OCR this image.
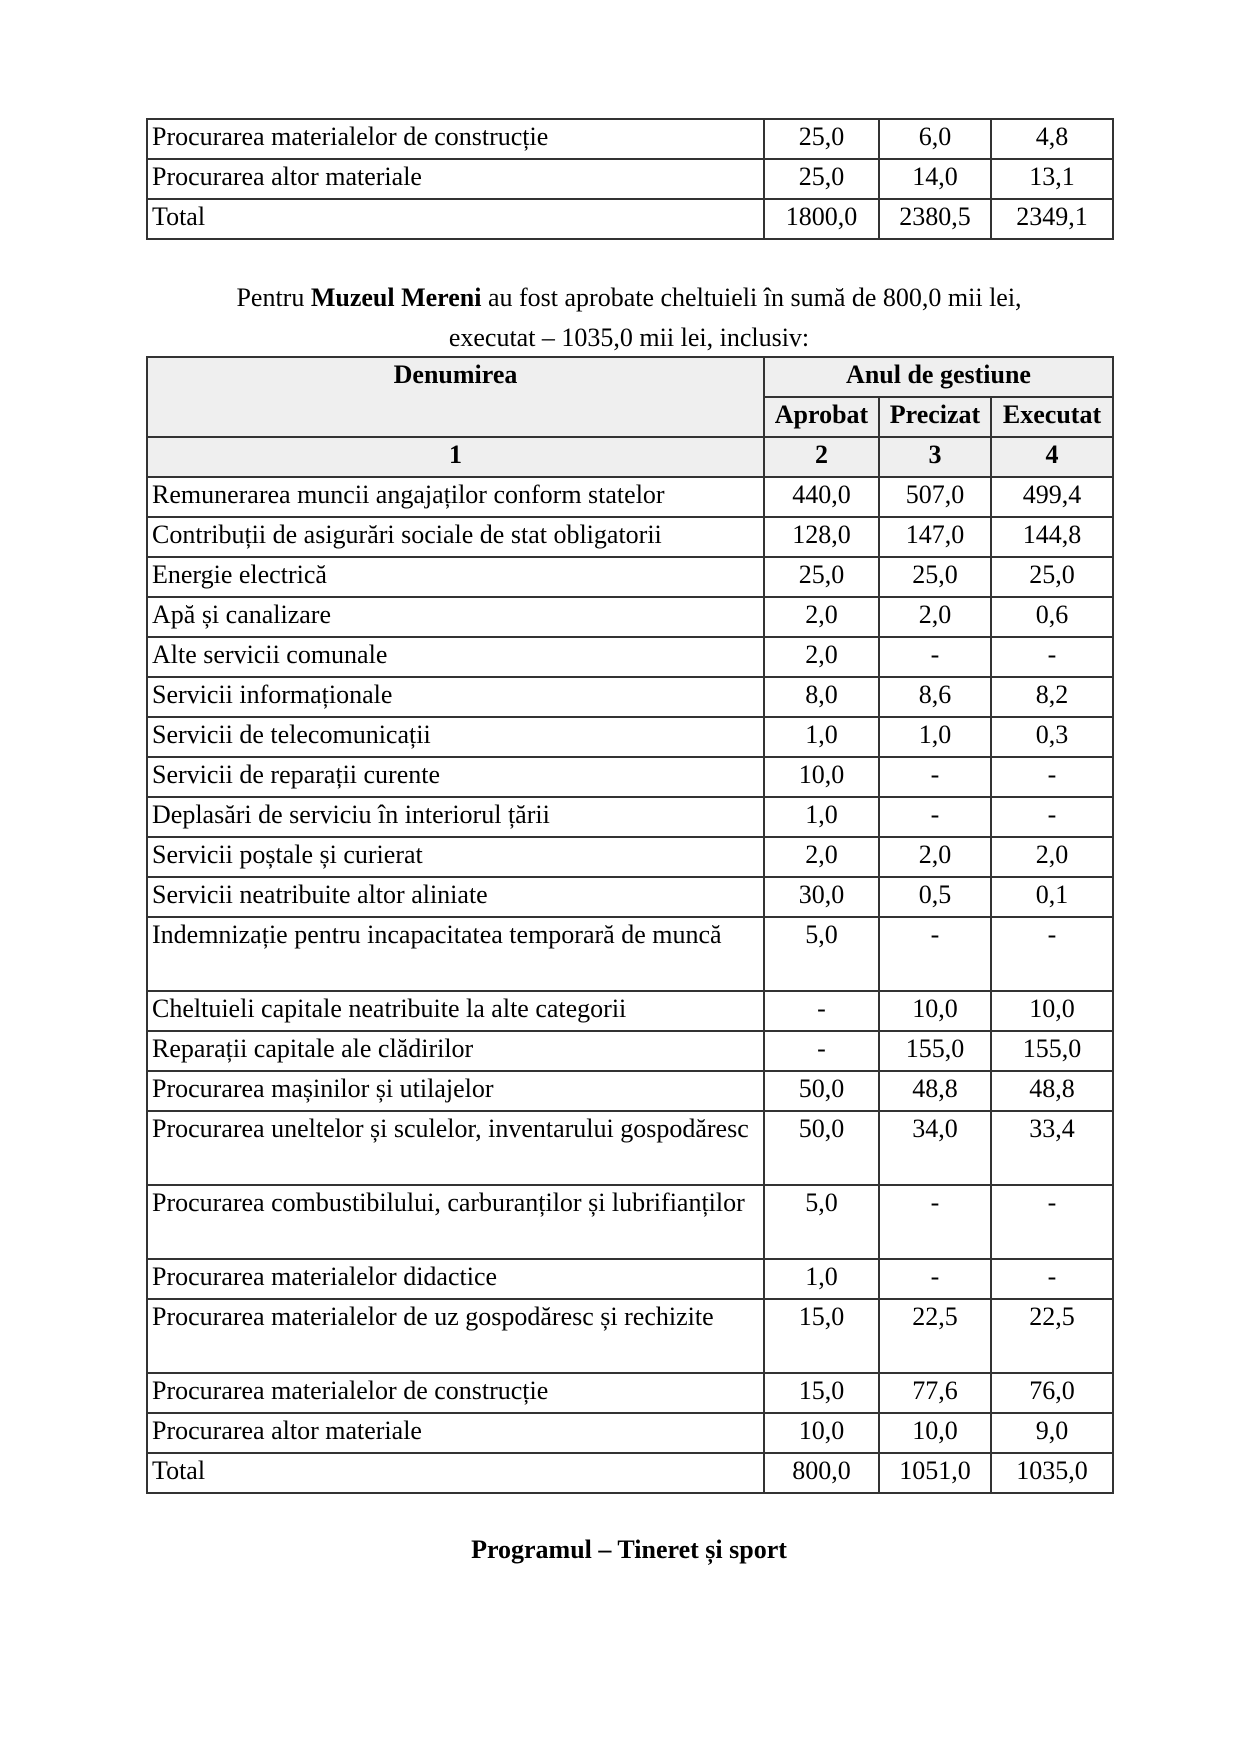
Procurarea materialelor de construcție	25,0	6,0	4,8
Procurarea altor materiale	25,0	14,0	13,1
Total	1800,0	2380,5	2349,1
Pentru Muzeul Mereni au fost aprobate cheltuieli în sumă de 800,0 mii lei,
executat – 1035,0 mii lei, inclusiv:
Denumirea	Anul de gestiune		
	Aprobat	Precizat	Executat
1	2	3	4
Remunerarea muncii angajaților conform statelor	440,0	507,0	499,4
Contribuții de asigurări sociale de stat obligatorii	128,0	147,0	144,8
Energie electrică	25,0	25,0	25,0
Apă și canalizare	2,0	2,0	0,6
Alte servicii comunale	2,0	-	-
Servicii informaționale	8,0	8,6	8,2
Servicii de telecomunicații	1,0	1,0	0,3
Servicii de reparații curente	10,0	-	-
Deplasări de serviciu în interiorul țării	1,0	-	-
Servicii poștale și curierat	2,0	2,0	2,0
Servicii neatribuite altor aliniate	30,0	0,5	0,1
Indemnizație pentru incapacitatea temporară de muncă	5,0	-	-
Cheltuieli capitale neatribuite la alte categorii	-	10,0	10,0
Reparații capitale ale clădirilor	-	155,0	155,0
Procurarea mașinilor și utilajelor	50,0	48,8	48,8
Procurarea uneltelor și sculelor, inventarului gospodăresc	50,0	34,0	33,4
Procurarea combustibilului, carburanților și lubrifianților	5,0	-	-
Procurarea materialelor didactice	1,0	-	-
Procurarea materialelor de uz gospodăresc și rechizite	15,0	22,5	22,5
Procurarea materialelor de construcție	15,0	77,6	76,0
Procurarea altor materiale	10,0	10,0	9,0
Total	800,0	1051,0	1035,0
Programul – Tineret și sport
